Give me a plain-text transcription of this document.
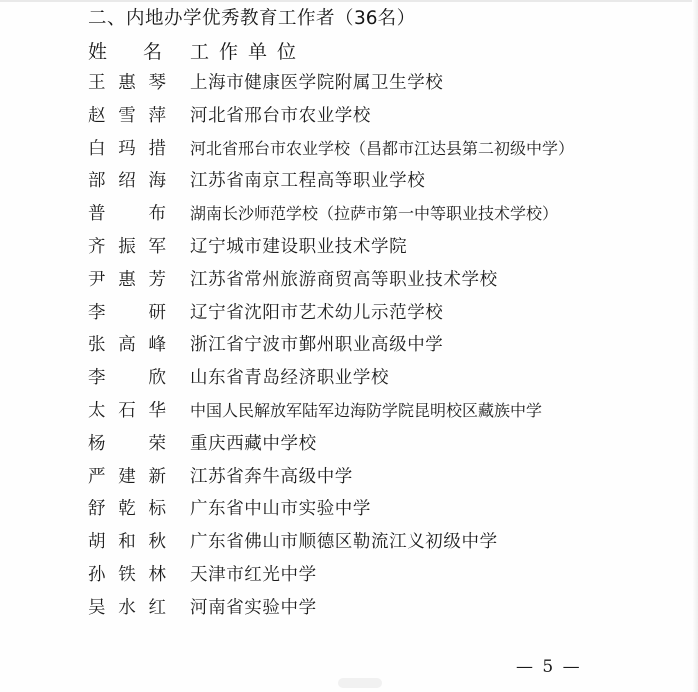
二、内地办学优秀教育工作者（36名）
姓名
工作单位
王 惠 琴 上海市健康医学院附属卫生学校
赵 雪 萍 河北省邢台市农业学校
白 玛 措 河北省邢台市农业学校（昌都市江达县第二初级中学）
部 绍 海 江苏省南京工程高等职业学校
普 布 湖南长沙师范学校（拉萨市第一中等职业技术学校）
齐 振 军 辽宁城市建设职业技术学院
尹 惠 芳 江苏省常州旅游商贸高等职业技术学校
李 研 辽宁省沈阳市艺术幼儿示范学校
张 高 峰 浙江省宁波市鄞州职业高级中学
李 欣 山东省青岛经济职业学校
太 石 华 中国人民解放军陆军边海防学院昆明校区藏族中学
杨 荣 重庆西藏中学校
严 建 新 江苏省奔牛高级中学
舒 乾 标 广东省中山市实验中学
胡 和 秋 广东省佛山市顺德区勒流江义初级中学
孙 铁 林 天津市红光中学
吴 水 红 河南省实验中学
— 5 —
